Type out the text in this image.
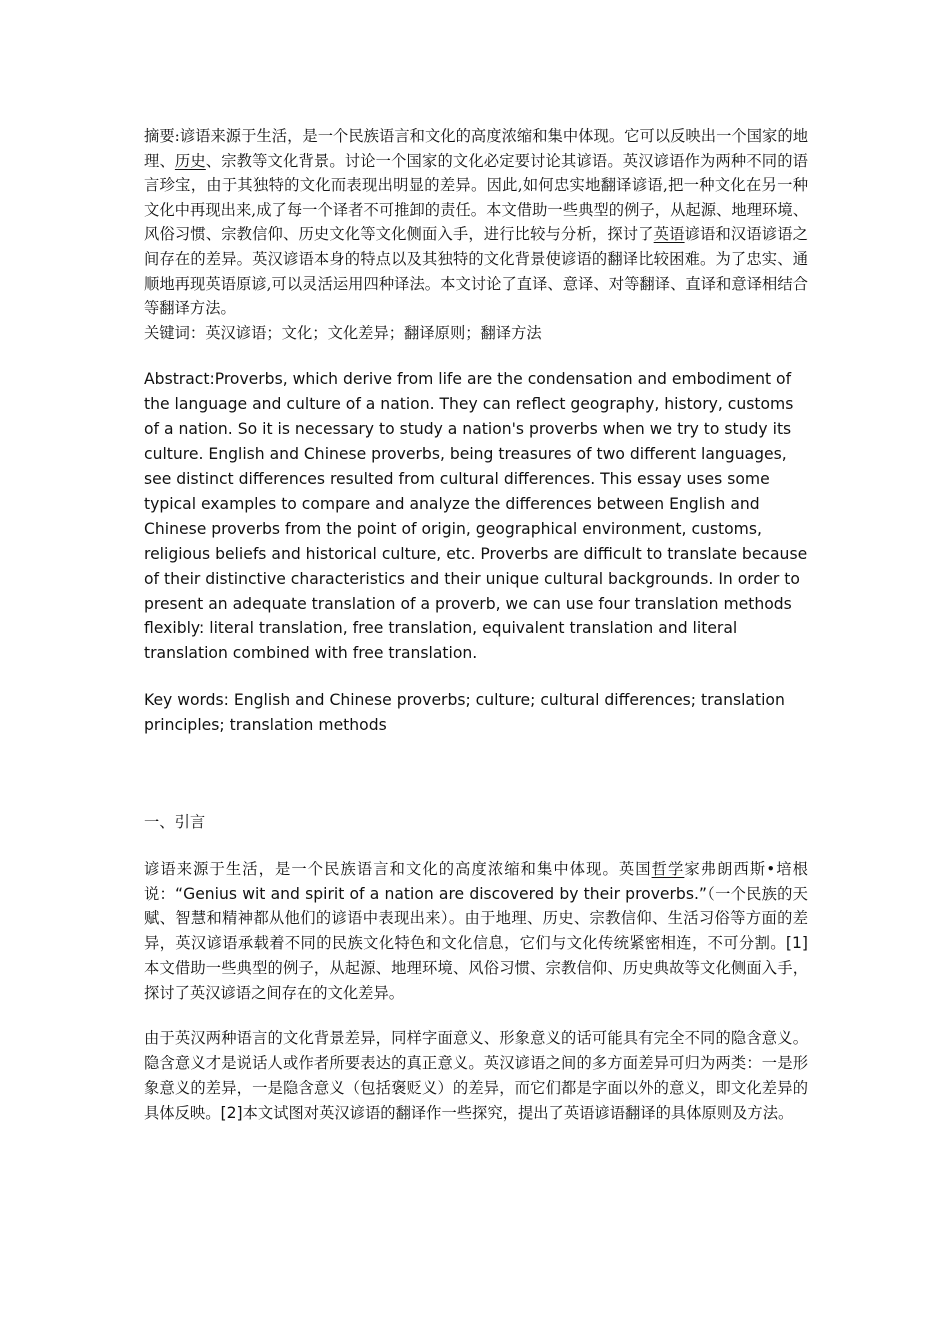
摘要:谚语来源于生活，是一个民族语言和文化的高度浓缩和集中体现。它可以反映出一个国家的地理、历史、宗教等文化背景。讨论一个国家的文化必定要讨论其谚语。英汉谚语作为两种不同的语言珍宝，由于其独特的文化而表现出明显的差异。因此,如何忠实地翻译谚语,把一种文化在另一种文化中再现出来,成了每一个译者不可推卸的责任。本文借助一些典型的例子，从起源、地理环境、风俗习惯、宗教信仰、历史文化等文化侧面入手，进行比较与分析，探讨了英语谚语和汉语谚语之间存在的差异。英汉谚语本身的特点以及其独特的文化背景使谚语的翻译比较困难。为了忠实、通顺地再现英语原谚,可以灵活运用四种译法。本文讨论了直译、意译、对等翻译、直译和意译相结合等翻译方法。

关键词：英汉谚语；文化；文化差异；翻译原则；翻译方法

Abstract:Proverbs, which derive from life are the condensation and embodiment of the language and culture of a nation. They can reflect geography, history, customs of a nation. So it is necessary to study a nation's proverbs when we try to study its culture. English and Chinese proverbs, being treasures of two different languages, see distinct differences resulted from cultural differences. This essay uses some typical examples to compare and analyze the differences between English and Chinese proverbs from the point of origin, geographical environment, customs, religious beliefs and historical culture, etc. Proverbs are difficult to translate because of their distinctive characteristics and their unique cultural backgrounds. In order to present an adequate translation of a proverb, we can use four translation methods flexibly: literal translation, free translation, equivalent translation and literal translation combined with free translation.

Key words: English and Chinese proverbs; culture; cultural differences; translation principles; translation methods

一、引言

谚语来源于生活，是一个民族语言和文化的高度浓缩和集中体现。英国哲学家弗朗西斯•培根说：“Genius wit and spirit of a nation are discovered by their proverbs.”（一个民族的天赋、智慧和精神都从他们的谚语中表现出来）。由于地理、历史、宗教信仰、生活习俗等方面的差异，英汉谚语承载着不同的民族文化特色和文化信息，它们与文化传统紧密相连，不可分割。[1]本文借助一些典型的例子，从起源、地理环境、风俗习惯、宗教信仰、历史典故等文化侧面入手，探讨了英汉谚语之间存在的文化差异。

由于英汉两种语言的文化背景差异，同样字面意义、形象意义的话可能具有完全不同的隐含意义。隐含意义才是说话人或作者所要表达的真正意义。英汉谚语之间的多方面差异可归为两类：一是形象意义的差异，一是隐含意义（包括褒贬义）的差异，而它们都是字面以外的意义，即文化差异的具体反映。[2]本文试图对英汉谚语的翻译作一些探究，提出了英语谚语翻译的具体原则及方法。
